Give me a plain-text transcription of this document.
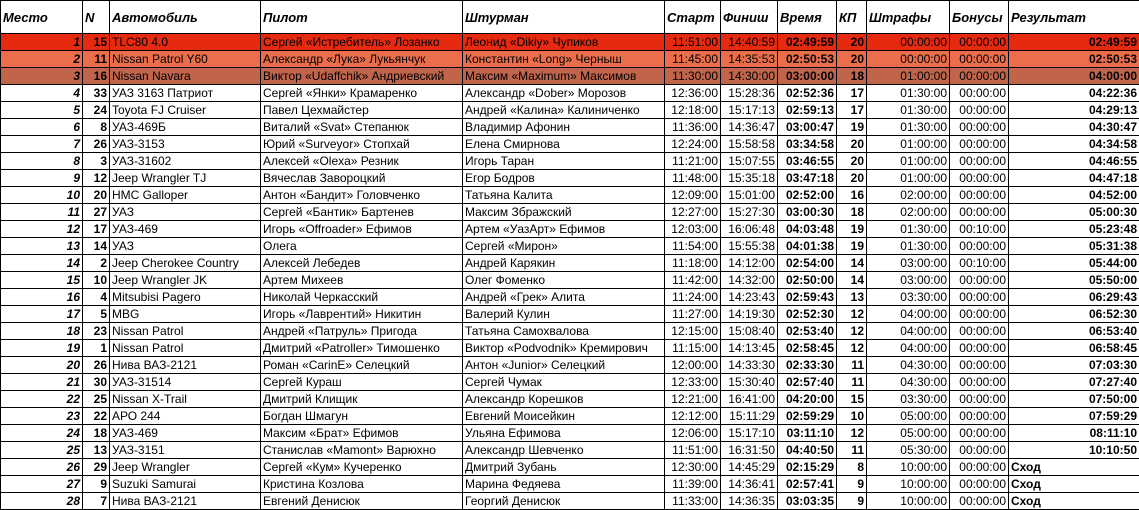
Место	N	Автомобиль	Пилот	Штурман	Старт	Финиш	Время	КП	Штрафы	Бонусы	Результат
1	15	TLC80 4.0	Сергей «Истребитель» Лозанко	Леонид «Dikiy» Чупиков	11:51:00	14:40:59	02:49:59	20	00:00:00	00:00:00	02:49:59
2	11	Nissan Patrol Y60	Александр «Лука» Лукьянчук	Константин «Long» Черныш	11:45:00	14:35:53	02:50:53	20	00:00:00	00:00:00	02:50:53
3	16	Nissan Navara	Виктор «Udaffchik» Андриевский	Максим «Maximum» Максимов	11:30:00	14:30:00	03:00:00	18	01:00:00	00:00:00	04:00:00
4	33	УАЗ 3163 Патриот	Сергей «Янки» Крамаренко	Александр «Dober» Морозов	12:36:00	15:28:36	02:52:36	17	01:30:00	00:00:00	04:22:36
5	24	Toyota FJ Cruiser	Павел Цехмайстер	Андрей «Калина» Калиниченко	12:18:00	15:17:13	02:59:13	17	01:30:00	00:00:00	04:29:13
6	8	УАЗ-469Б	Виталий «Svat» Степанюк	Владимир Афонин	11:36:00	14:36:47	03:00:47	19	01:30:00	00:00:00	04:30:47
7	26	УАЗ-3153	Юрий «Surveyor» Стопхай	Елена Смирнова	12:24:00	15:58:58	03:34:58	20	01:00:00	00:00:00	04:34:58
8	3	УАЗ-31602	Алексей «Olexa» Резник	Игорь Таран	11:21:00	15:07:55	03:46:55	20	01:00:00	00:00:00	04:46:55
9	12	Jeep Wrangler TJ	Вячеслав Завороцкий	Егор Бодров	11:48:00	15:35:18	03:47:18	20	01:00:00	00:00:00	04:47:18
10	20	HMC Galloper	Антон «Бандит» Головченко	Татьяна Калита	12:09:00	15:01:00	02:52:00	16	02:00:00	00:00:00	04:52:00
11	27	УАЗ	Сергей «Бантик» Бартенев	Максим Збражский	12:27:00	15:27:30	03:00:30	18	02:00:00	00:00:00	05:00:30
12	17	УАЗ-469	Игорь «Offroader» Ефимов	Артем «УазАрт» Ефимов	12:03:00	16:06:48	04:03:48	19	01:30:00	00:10:00	05:23:48
13	14	УАЗ	Олега	Сергей «Мирон»	11:54:00	15:55:38	04:01:38	19	01:30:00	00:00:00	05:31:38
14	2	Jeep Cherokee Country	Алексей Лебедев	Андрей Карякин	11:18:00	14:12:00	02:54:00	14	03:00:00	00:10:00	05:44:00
15	10	Jeep Wrangler JK	Артем Михеев	Олег Фоменко	11:42:00	14:32:00	02:50:00	14	03:00:00	00:00:00	05:50:00
16	4	Mitsubisi Pagero	Николай Черкасский	Андрей «Грек» Алита	11:24:00	14:23:43	02:59:43	13	03:30:00	00:00:00	06:29:43
17	5	MBG	Игорь «Лаврентий» Никитин	Валерий Кулин	11:27:00	14:19:30	02:52:30	12	04:00:00	00:00:00	06:52:30
18	23	Nissan Patrol	Андрей «Патруль» Пригода	Татьяна Самохвалова	12:15:00	15:08:40	02:53:40	12	04:00:00	00:00:00	06:53:40
19	1	Nissan Patrol	Дмитрий «Patroller» Тимошенко	Виктор «Podvodnik» Кремирович	11:15:00	14:13:45	02:58:45	12	04:00:00	00:00:00	06:58:45
20	26	Нива ВАЗ-2121	Роман «CarinE» Селецкий	Антон «Junior» Селецкий	12:00:00	14:33:30	02:33:30	11	04:30:00	00:00:00	07:03:30
21	30	УАЗ-31514	Сергей Кураш	Сергей Чумак	12:33:00	15:30:40	02:57:40	11	04:30:00	00:00:00	07:27:40
22	25	Nissan X-Trail	Дмитрий Клищик	Александр Корешков	12:21:00	16:41:00	04:20:00	15	03:30:00	00:00:00	07:50:00
23	22	АРО 244	Богдан Шмагун	Евгений Моисейкин	12:12:00	15:11:29	02:59:29	10	05:00:00	00:00:00	07:59:29
24	18	УАЗ-469	Максим «Брат» Ефимов	Ульяна Ефимова	12:06:00	15:17:10	03:11:10	12	05:00:00	00:00:00	08:11:10
25	13	УАЗ-3151	Станислав «Mamont» Варюхно	Александр Шевченко	11:51:00	16:31:50	04:40:50	11	05:30:00	00:00:00	10:10:50
26	29	Jeep Wrangler	Сергей «Кум» Кучеренко	Дмитрий Зубань	12:30:00	14:45:29	02:15:29	8	10:00:00	00:00:00	Сход
27	9	Suzuki Samurai	Кристина Козлова	Марина Федяева	11:39:00	14:36:41	02:57:41	9	10:00:00	00:00:00	Сход
28	7	Нива ВАЗ-2121	Евгений Денисюк	Георгий Денисюк	11:33:00	14:36:35	03:03:35	9	10:00:00	00:00:00	Сход
